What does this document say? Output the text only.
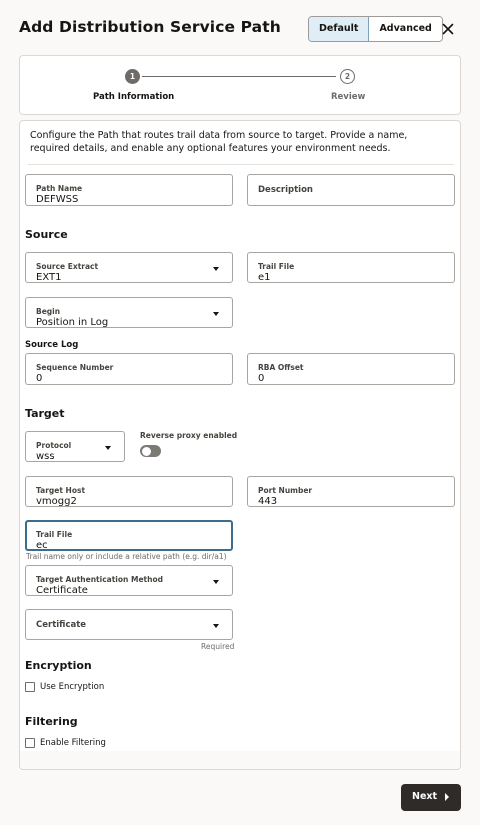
Add Distribution Service Path	Default	Advanced
1	2
Path Information	Review
Configure the Path that routes trail data from source to target. Provide a name, required details, and enable any optional features your environment needs.
Path Name
DEFWSS
Description
Source
Source Extract
EXT1
Trail File
e1
Begin
Position in Log
Source Log
Sequence Number
0
RBA Offset
0
Target
Protocol
wss
Reverse proxy enabled
Target Host
vmogg2
Port Number
443
Trail File
ec
Trail name only or include a relative path (e.g. dir/a1)
Target Authentication Method
Certificate
Certificate
Required
Encryption
Use Encryption
Filtering
Enable Filtering
Next
